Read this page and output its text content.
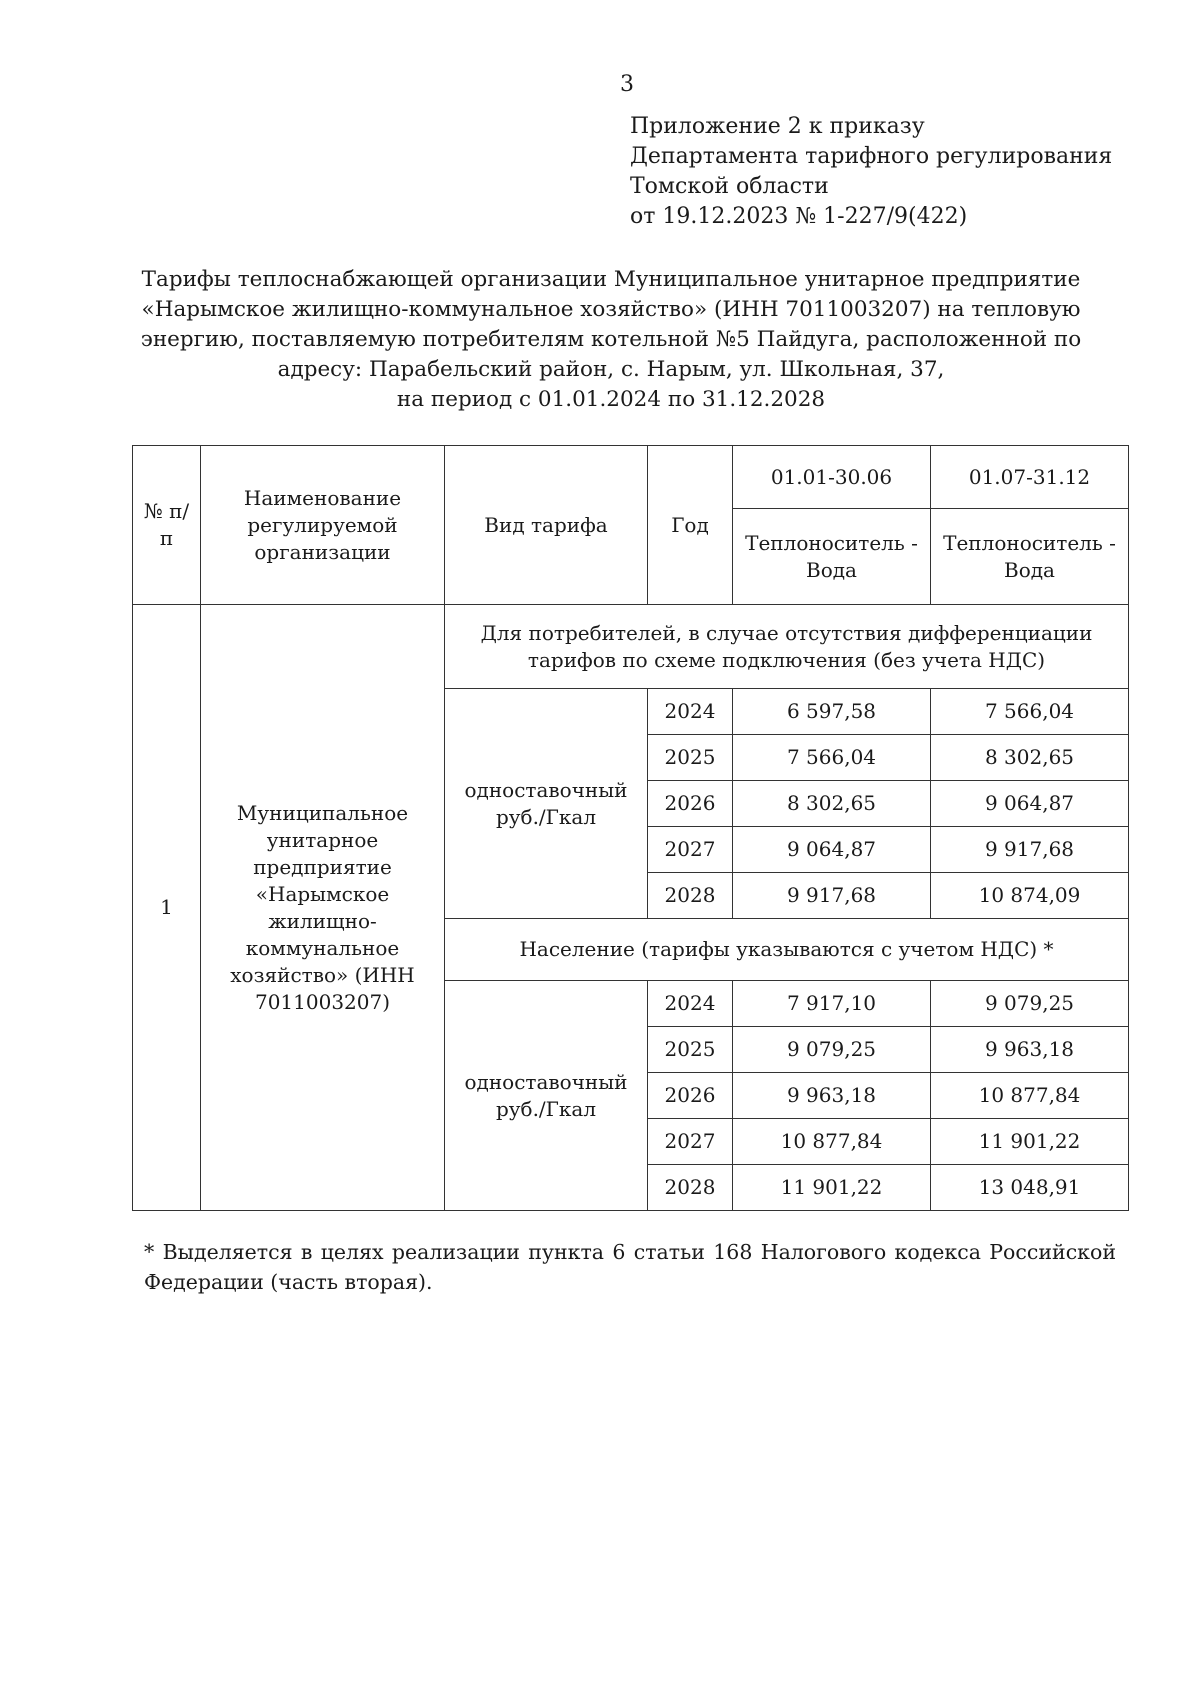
3
Приложение 2 к приказу
Департамента тарифного регулирования
Томской области
от 19.12.2023 № 1-227/9(422)
Тарифы теплоснабжающей организации Муниципальное унитарное предприятие
«Нарымское жилищно-коммунальное хозяйство» (ИНН 7011003207) на тепловую
энергию, поставляемую потребителям котельной №5 Пайдуга, расположенной по
адресу: Парабельский район, с. Нарым, ул. Школьная, 37,
на период с 01.01.2024 по 31.12.2028
№ п/п	Наименование регулируемой организации	Вид тарифа	Год	01.01-30.06	01.07-31.12
				Теплоноситель - Вода	Теплоноситель - Вода
1	Муниципальное унитарное предприятие «Нарымское жилищно-коммунальное хозяйство» (ИНН 7011003207)	Для потребителей, в случае отсутствия дифференциации тарифов по схеме подключения (без учета НДС)			
		одноставочный руб./Гкал	2024	6 597,58	7 566,04
			2025	7 566,04	8 302,65
			2026	8 302,65	9 064,87
			2027	9 064,87	9 917,68
			2028	9 917,68	10 874,09
		Население (тарифы указываются с учетом НДС) *			
		одноставочный руб./Гкал	2024	7 917,10	9 079,25
			2025	9 079,25	9 963,18
			2026	9 963,18	10 877,84
			2027	10 877,84	11 901,22
			2028	11 901,22	13 048,91
* Выделяется в целях реализации пункта 6 статьи 168 Налогового кодекса Российской Федерации (часть вторая).
